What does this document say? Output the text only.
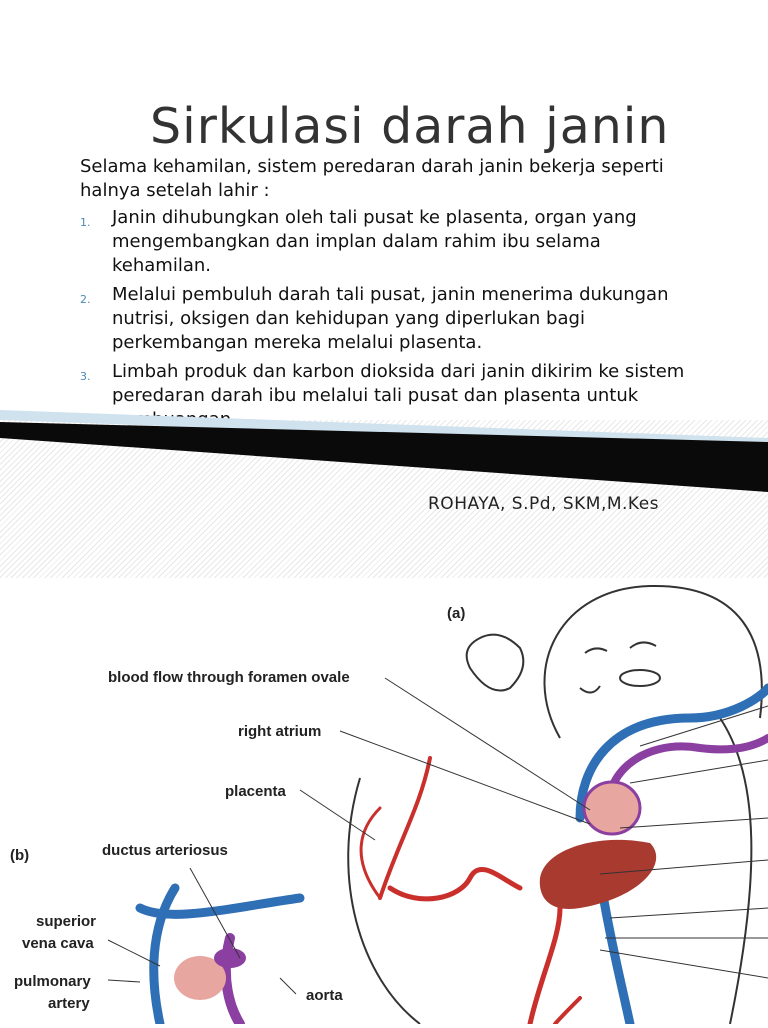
Sirkulasi darah janin
Selama kehamilan, sistem peredaran darah janin bekerja seperti halnya setelah lahir :
1.	Janin dihubungkan oleh tali pusat ke plasenta, organ yang mengembangkan dan implan dalam rahim ibu selama kehamilan.
2.	Melalui pembuluh darah tali pusat, janin menerima dukungan nutrisi, oksigen dan kehidupan yang diperlukan bagi perkembangan mereka melalui plasenta.
3.	Limbah produk dan karbon dioksida dari janin dikirim ke sistem peredaran darah ibu melalui tali pusat dan plasenta untuk
ROHAYA, S.Pd, SKM,M.Kes
(a)
(b)
blood flow through foramen ovale
right atrium
placenta
ductus arteriosus
superior
vena cava
pulmonary
artery	aorta
